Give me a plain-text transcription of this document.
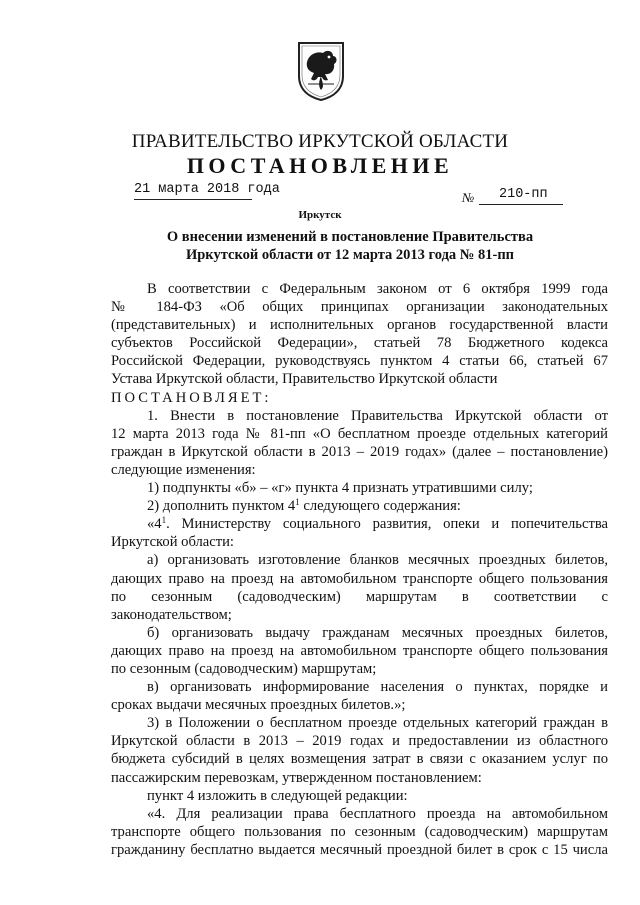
ПРАВИТЕЛЬСТВО ИРКУТСКОЙ ОБЛАСТИ
ПОСТАНОВЛЕНИЕ
21 марта 2018 года
№	210-пп
Иркутск
О внесении изменений в постановление Правительства
Иркутской области от 12 марта 2013 года № 81-пп

В соответствии с Федеральным законом от 6 октября 1999 года

№ 184-ФЗ «Об общих принципах организации законодательных

(представительных) и исполнительных органов государственной власти

субъектов Российской Федерации», статьей 78 Бюджетного кодекса

Российской Федерации, руководствуясь пунктом 4 статьи 66, статьей 67

Устава Иркутской области, Правительство Иркутской области

ПОСТАНОВЛЯЕТ:

1. Внести в постановление Правительства Иркутской области от

12 марта 2013 года № 81-пп «О бесплатном проезде отдельных категорий

граждан в Иркутской области в 2013 – 2019 годах» (далее – постановление)

следующие изменения:

1) подпункты «б» – «г» пункта 4 признать утратившими силу;

2) дополнить пунктом $4^1$ следующего содержания:

«$4^1$. Министерству социального развития, опеки и попечительства

Иркутской области:

а) организовать изготовление бланков месячных проездных билетов,

дающих право на проезд на автомобильном транспорте общего пользования

по сезонным (садоводческим) маршрутам в соответствии с

законодательством;

б) организовать выдачу гражданам месячных проездных билетов,

дающих право на проезд на автомобильном транспорте общего пользования

по сезонным (садоводческим) маршрутам;

в) организовать информирование населения о пунктах, порядке и

сроках выдачи месячных проездных билетов.»;

3) в Положении о бесплатном проезде отдельных категорий граждан в

Иркутской области в 2013 – 2019 годах и предоставлении из областного

бюджета субсидий в целях возмещения затрат в связи с оказанием услуг по

пассажирским перевозкам, утвержденном постановлением:

пункт 4 изложить в следующей редакции:

«4. Для реализации права бесплатного проезда на автомобильном

транспорте общего пользования по сезонным (садоводческим) маршрутам

гражданину бесплатно выдается месячный проездной билет в срок с 15 числа
